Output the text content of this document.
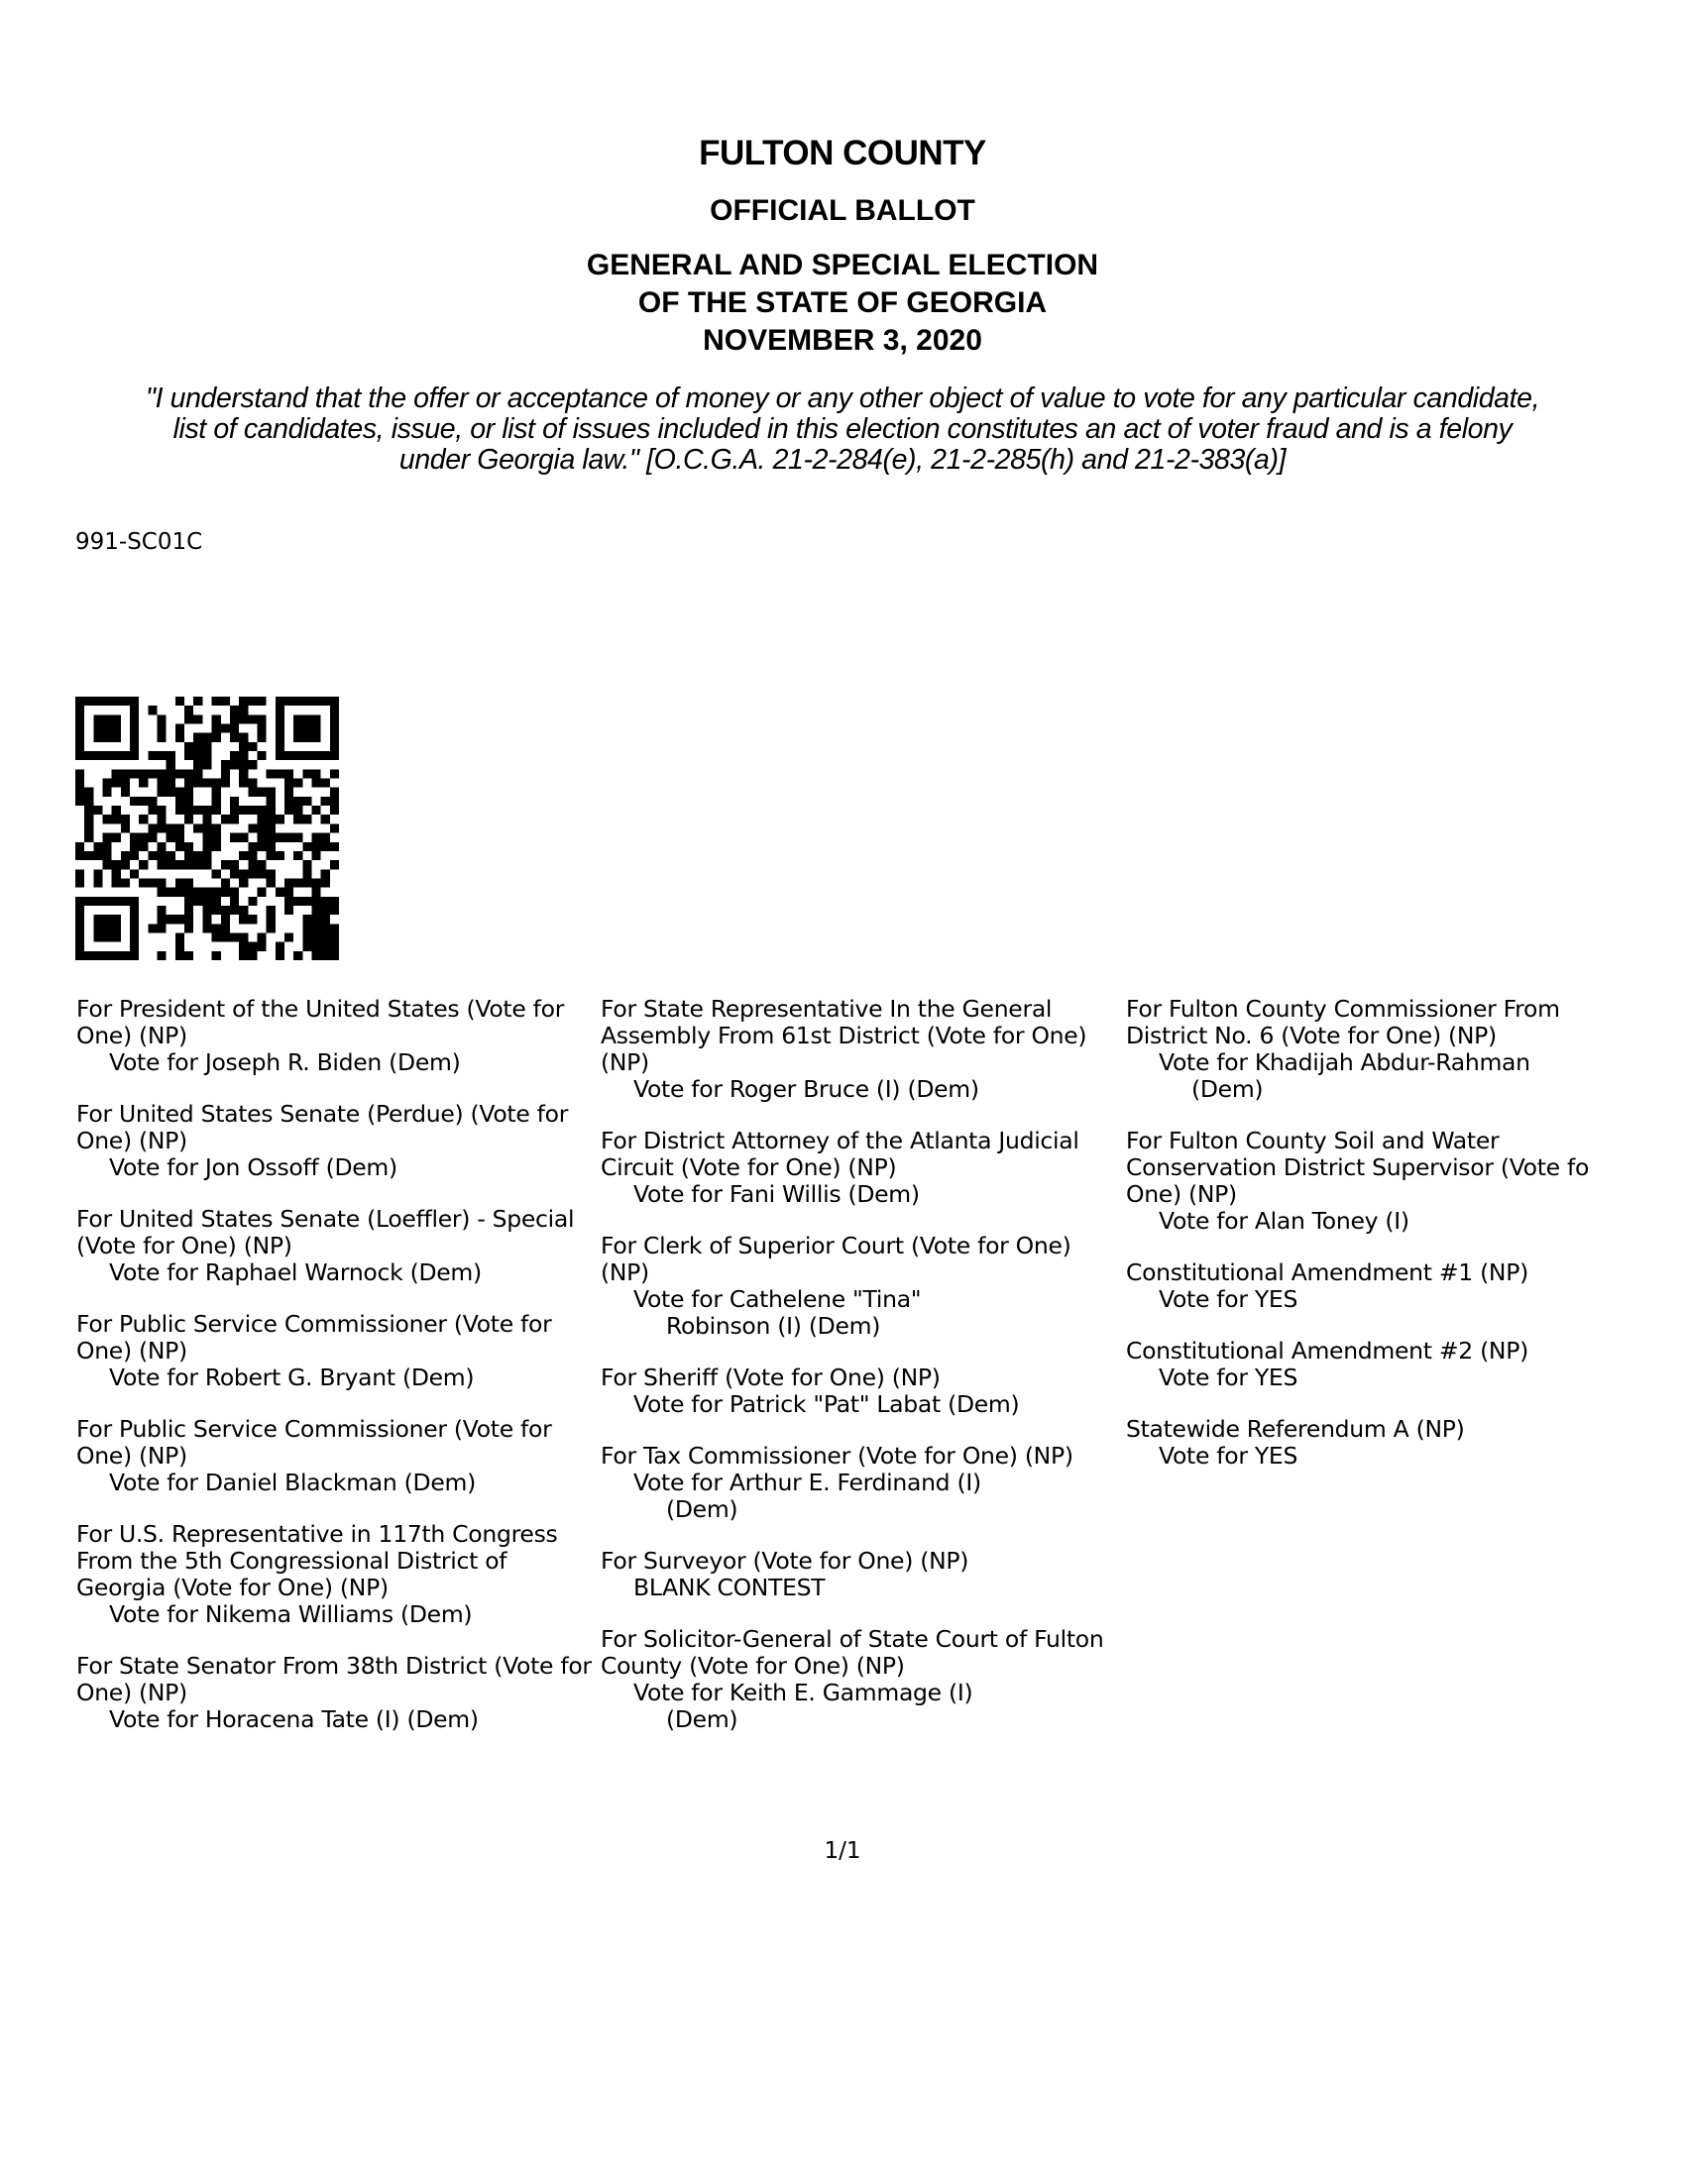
FULTON COUNTY
OFFICIAL BALLOT
GENERAL AND SPECIAL ELECTION
OF THE STATE OF GEORGIA
NOVEMBER 3, 2020
"I understand that the offer or acceptance of money or any other object of value to vote for any particular candidate,
list of candidates, issue, or list of issues included in this election constitutes an act of voter fraud and is a felony
under Georgia law." [O.C.G.A. 21-2-284(e), 21-2-285(h) and 21-2-383(a)]
991-SC01C
For President of the United States (Vote for One) (NP)
Vote for Joseph R. Biden (Dem)
For United States Senate (Perdue) (Vote for One) (NP)
Vote for Jon Ossoff (Dem)
For United States Senate (Loeffler) - Special (Vote for One) (NP)
Vote for Raphael Warnock (Dem)
For Public Service Commissioner (Vote for One) (NP)
Vote for Robert G. Bryant (Dem)
For Public Service Commissioner (Vote for One) (NP)
Vote for Daniel Blackman (Dem)
For U.S. Representative in 117th Congress From the 5th Congressional District of Georgia (Vote for One) (NP)
Vote for Nikema Williams (Dem)
For State Senator From 38th District (Vote for One) (NP)
Vote for Horacena Tate (I) (Dem)
For State Representative In the General Assembly From 61st District (Vote for One) (NP)
Vote for Roger Bruce (I) (Dem)
For District Attorney of the Atlanta Judicial Circuit (Vote for One) (NP)
Vote for Fani Willis (Dem)
For Clerk of Superior Court (Vote for One) (NP)
Vote for Cathelene "Tina" Robinson (I) (Dem)
For Sheriff (Vote for One) (NP)
Vote for Patrick "Pat" Labat (Dem)
For Tax Commissioner (Vote for One) (NP)
Vote for Arthur E. Ferdinand (I) (Dem)
For Surveyor (Vote for One) (NP)
BLANK CONTEST
For Solicitor-General of State Court of Fulton County (Vote for One) (NP)
Vote for Keith E. Gammage (I) (Dem)
For Fulton County Commissioner From
District No. 6 (Vote for One) (NP)
Vote for Khadijah Abdur-Rahman
(Dem)
For Fulton County Soil and Water
Conservation District Supervisor (Vote fo
One) (NP)
Vote for Alan Toney (I)
Constitutional Amendment #1 (NP)
Vote for YES
Constitutional Amendment #2 (NP)
Vote for YES
Statewide Referendum A (NP)
Vote for YES
1/1
